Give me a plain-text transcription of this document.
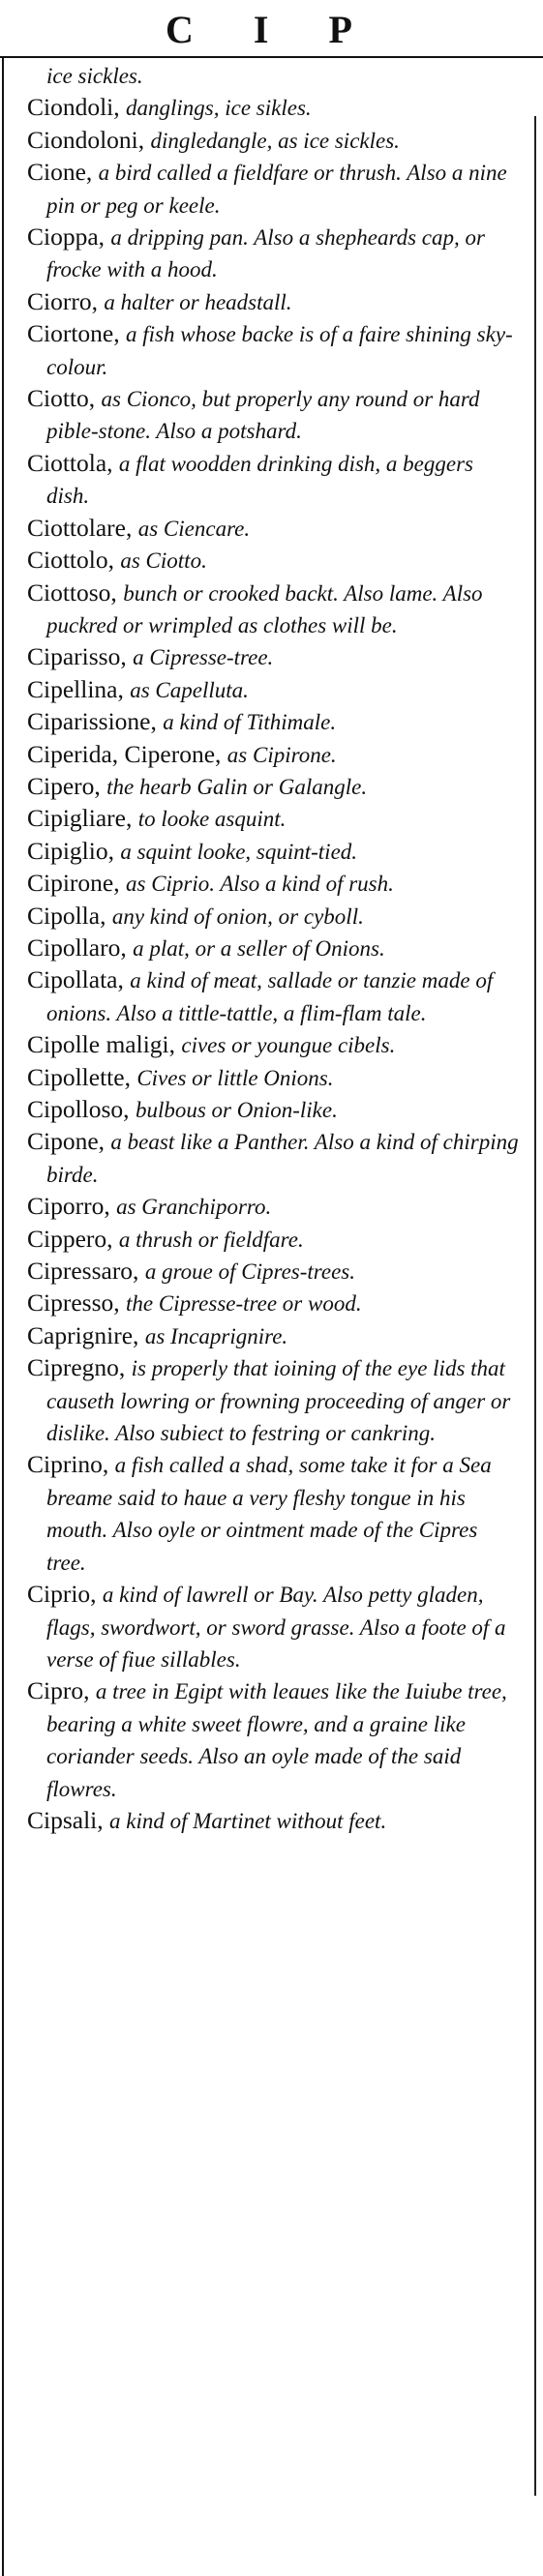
C I P

ice sickles.

Ciondoli, danglings, ice sikles.

Ciondoloni, dingledangle, as ice sickles.

Cione, a bird called a fieldfare or thrush. Also a nine pin or peg or keele.

Cioppa, a dripping pan. Also a shepheards cap, or frocke with a hood.

Ciorro, a halter or headstall.

Ciortone, a fish whose backe is of a faire shining sky-colour.

Ciotto, as Cionco, but properly any round or hard pible-stone. Also a potshard.

Ciottola, a flat woodden drinking dish, a beggers dish.

Ciottolare, as Ciencare.

Ciottolo, as Ciotto.

Ciottoso, bunch or crooked backt. Also lame. Also puckred or wrimpled as clothes will be.

Ciparisso, a Cipresse-tree.

Cipellina, as Capelluta.

Ciparissione, a kind of Tithimale.

Ciperida, Ciperone, as Cipirone.

Cipero, the hearb Galin or Galangle.

Cipigliare, to looke asquint.

Cipiglio, a squint looke, squint-tied.

Cipirone, as Ciprio. Also a kind of rush.

Cipolla, any kind of onion, or cyboll.

Cipollaro, a plat, or a seller of Onions.

Cipollata, a kind of meat, sallade or tanzie made of onions. Also a tittle-tattle, a flim-flam tale.

Cipolle maligi, cives or youngue cibels.

Cipollette, Cives or little Onions.

Cipolloso, bulbous or Onion-like.

Cipone, a beast like a Panther. Also a kind of chirping birde.

Ciporro, as Granchiporro.

Cippero, a thrush or fieldfare.

Cipressaro, a groue of Cipres-trees.

Cipresso, the Cipresse-tree or wood.

Caprignire, as Incaprignire.

Cipregno, is properly that ioining of the eye lids that causeth lowring or frowning proceeding of anger or dislike. Also subiect to festring or cankring.

Ciprino, a fish called a shad, some take it for a Sea breame said to haue a very fleshy tongue in his mouth. Also oyle or ointment made of the Cipres tree.

Ciprio, a kind of lawrell or Bay. Also petty gladen, flags, swordwort, or sword grasse. Also a foote of a verse of fiue sillables.

Cipro, a tree in Egipt with leaues like the Iuiube tree, bearing a white sweet flowre, and a graine like coriander seeds. Also an oyle made of the said flowres.

Cipsali, a kind of Martinet without feet.
